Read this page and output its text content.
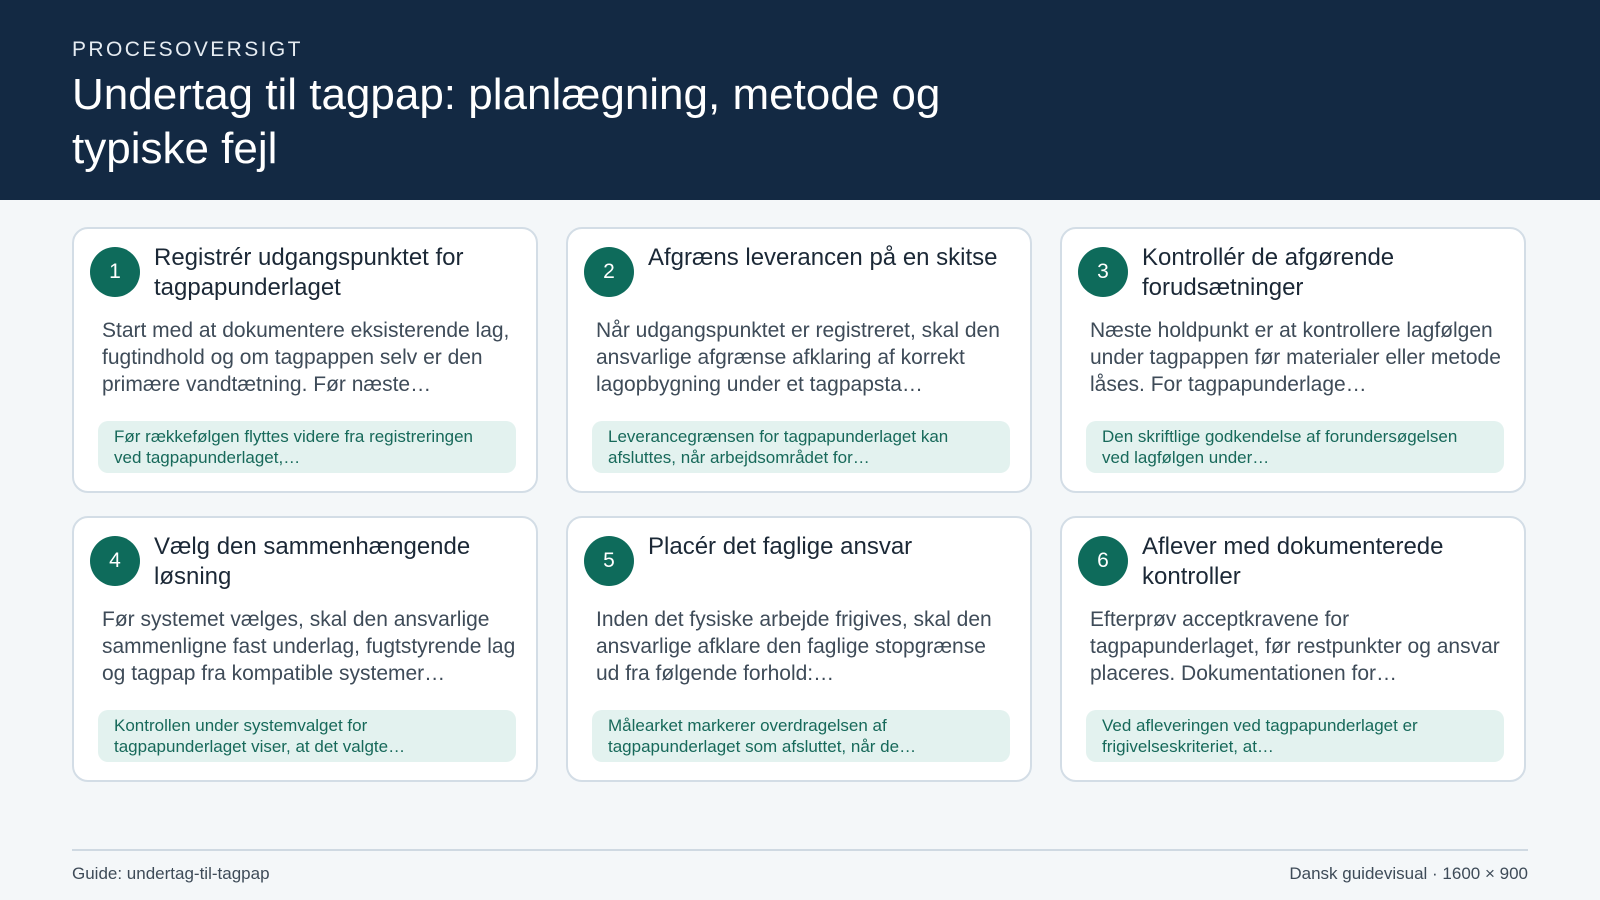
PROCESOVERSIGT
Undertag til tagpap: planlægning, metode og typiske fejl
1
Registrér udgangspunktet for tagpapunderlaget

Start med at dokumentere eksisterende lag, fugtindhold og om tagpappen selv er den primære vandtætning. Før næste…

Før rækkefølgen flyttes videre fra registreringen ved tagpapunderlaget,…
2
Afgræns leverancen på en skitse

Når udgangspunktet er registreret, skal den ansvarlige afgrænse afklaring af korrekt lagopbygning under et tagpapsta…

Leverancegrænsen for tagpapunderlaget kan afsluttes, når arbejdsområdet for…
3
Kontrollér de afgørende forudsætninger

Næste holdpunkt er at kontrollere lagfølgen under tagpappen før materialer eller metode låses. For tagpapunderlage…

Den skriftlige godkendelse af forundersøgelsen ved lagfølgen under…
4
Vælg den sammenhængende løsning

Før systemet vælges, skal den ansvarlige sammenligne fast underlag, fugtstyrende lag og tagpap fra kompatible systemer…

Kontrollen under systemvalget for tagpapunderlaget viser, at det valgte…
5
Placér det faglige ansvar

Inden det fysiske arbejde frigives, skal den ansvarlige afklare den faglige stopgrænse ud fra følgende forhold:…

Målearket markerer overdragelsen af tagpapunderlaget som afsluttet, når de…
6
Aflever med dokumenterede kontroller

Efterprøv acceptkravene for tagpapunderlaget, før restpunkter og ansvar placeres. Dokumentationen for…

Ved afleveringen ved tagpapunderlaget er frigivelseskriteriet, at…
Guide: undertag-til-tagpap	Dansk guidevisual · 1600 × 900
